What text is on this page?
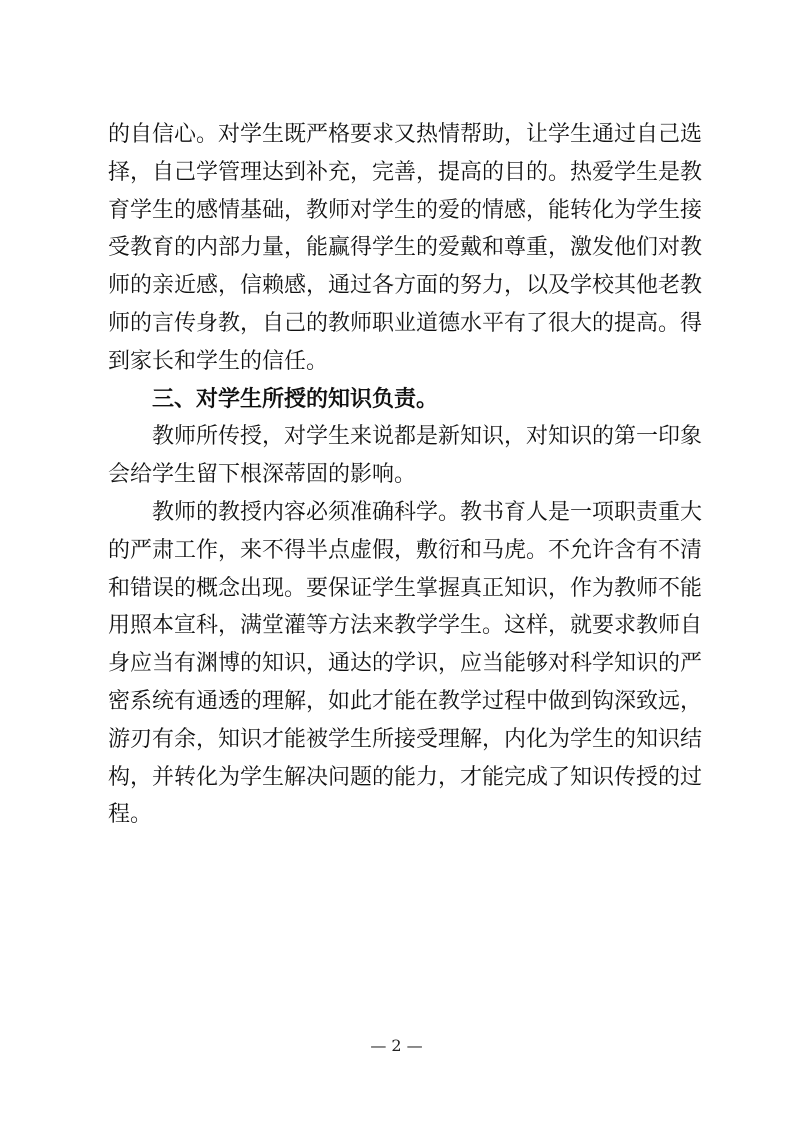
的自信心。对学生既严格要求又热情帮助，让学生通过自己选
择，自己学管理达到补充，完善，提高的目的。热爱学生是教
育学生的感情基础，教师对学生的爱的情感，能转化为学生接
受教育的内部力量，能赢得学生的爱戴和尊重，激发他们对教
师的亲近感，信赖感，通过各方面的努力，以及学校其他老教
师的言传身教，自己的教师职业道德水平有了很大的提高。得
到家长和学生的信任。
三、对学生所授的知识负责。
教师所传授，对学生来说都是新知识，对知识的第一印象
会给学生留下根深蒂固的影响。
教师的教授内容必须准确科学。教书育人是一项职责重大
的严肃工作，来不得半点虚假，敷衍和马虎。不允许含有不清
和错误的概念出现。要保证学生掌握真正知识，作为教师不能
用照本宣科，满堂灌等方法来教学学生。这样，就要求教师自
身应当有渊博的知识，通达的学识，应当能够对科学知识的严
密系统有通透的理解，如此才能在教学过程中做到钩深致远，
游刃有余，知识才能被学生所接受理解，内化为学生的知识结
构，并转化为学生解决问题的能力，才能完成了知识传授的过
程。
— 2 —
